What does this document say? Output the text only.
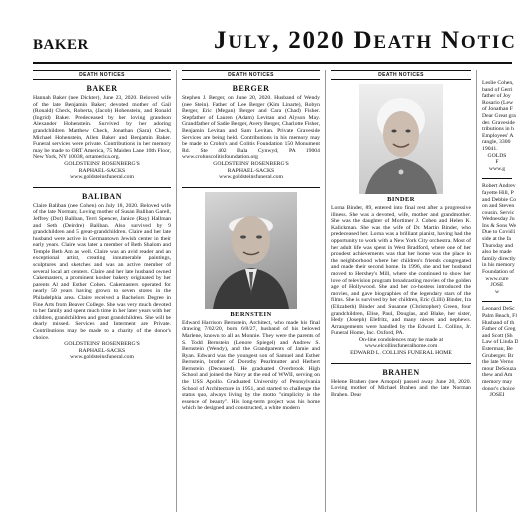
BAKER	JULY, 2020 DEATH NOTIC
DEATH NOTICES
BAKER

Hannah Baker (nee Dickter), June 23, 2020. Beloved wife of the late Benjamin Baker; devoted mother of Gail (Ronald) Check, Roberta, (Jacob) Hohenstein, and Ronald (Ingrid) Baker. Predeceased by her loving grandson Alexander Hohenstein. Survived by her adoring grandchildren Matthew Check, Jonathan (Sara) Check, Michael Hohenstein, Allen Baker and Benjamin Baker. Funeral services were private. Contributions in her memory may be made to ORT America, 75 Maiden Lane 10th Floor, New York, NY 10038, ortamerica.org.

GOLDSTEINS' ROSENBERG'S
RAPHAEL-SACKS
www.goldsteinsfuneral.com
BALIBAN

Claire Baliban (nee Cohen) on July 18, 2020. Beloved wife of the late Norman; Loving mother of Susan Baliban Garell, Jeffrey (Dot) Baliban, Terri Spencer, Janice (Ray) Hallman and Seth (Deirdre) Baliban. Also survived by 9 grandchildren and 5 great-grandchildren. Claire and her late husband were active in Germantown Jewish center in their early years. Claire was later a member of Beth Shalom and Temple Beth Am as well. Claire was an avid reader and an exceptional artist, creating innumerable paintings, sculptures and sketches and was an active member of several local art centers. Claire and her late husband owned Cakemasters, a prominent kosher bakery originated by her parents Al and Esther Cohen. Cakemasters operated for nearly 50 years having grown to seven stores in the Philadelphia area. Claire received a Bachelors Degree in Fine Arts from Beaver College. She was very much devoted to her family and spent much time in her later years with her children, grandchildren and great grandchildren. She will be dearly missed. Services and Interment are Private. Contributions may be made to a charity of the donor's choice.

GOLDSTEINS' ROSENBERG'S
RAPHAEL-SACKS
www.goldsteinsfuneral.com
DEATH NOTICES
BERGER

Stephen J. Berger, on June 20, 2020. Husband of Wendy (nee Stein). Father of Lee Berger (Kim Linarte), Robyn Berger, Eric (Megan) Berger and Cara (Chad) Fisher. Stepfather of Lauren (Adam) Levitan and Alyson May. Grandfather of Sadie Berger, Avery Berger, Charlotte Fisher, Benjamin Levitan and Sam Levitan. Private Graveside Services are being held. Contributions in his memory may be made to Crohn's and Colitis Foundation 150 Monument Rd. Ste 402 Bala Cynwyd, PA 19004 www.crohnscolitisfoundation.org

GOLDSTEINS' ROSENBERG'S
RAPHAEL-SACKS
www.goldsteinsfuneral.com
BERNSTEIN

Edward Harrison Bernstein, Architect, who made his final drawing 7/02/20, born 6/8/27, husband of his beloved Marlene, known to all as Monnie. They were the parents of S. Todd Bernstein (Lenore Spiegel) and Andrew S. Bernstein (Wendy), and the Grandparents of Jamie and Ryan. Edward was the youngest son of Samuel and Esther Bernstein, brother of Dorothy Pearlmutter and Herbert Bernstein (Deceased). He graduated Overbrook High School and joined the Navy at the end of WWII, serving on the USS Apollo. Graduated University of Pennsylvania School of Architecture in 1951, and started to challenge the status quo, always living by the motto "simplicity is the essence of beauty". His long-term project was his home which he designed and constructed, a white modern

DEATH NOTICES
BINDER

Lorna Binder, 89, entered into final rest after a progressive illness. She was a devoted, wife, mother and grandmother. She was the daughter of Mortimer J. Cohen and Helen K. Kalickman. She was the wife of Dr. Martin Binder, who predeceased her. Lorna was a brilliant pianist, having had the opportunity to work with a New York City orchestra. Most of her adult life was spent in West Bradford, where one of her proudest achievements was that her home was the place in the neighborhood where her children's friends congregated and made their second home. In 1996, she and her husband moved to Hershey's Mill, where she continued to show her love of television program broadcasting movies of the golden age of Hollywood. She and her co-hostess introduced the movies, and gave biographies of the legendary stars of the films. She is survived by her children, Eric (Lilli) Binder, Ira (Elizabeth) Binder and Susanne (Christopher) Green, four grandchildren, Elise, Paul, Douglas, and Blake, her sister, Hedy (Joseph) Elefritz, and many nieces and nephews. Arrangements were handled by the Edward L. Collins, Jr. Funeral Home, Inc. Oxford, PA.

On-line condolences may be made at
www.elcollinsfuneralhome.com
EDWARD L. COLLINS FUNERAL HOME
BRAHEN

Helene Brahen (nee Arnopol) passed away June 20, 2020. Loving mother of Michael Brahen and the late Norman Brahen. Dear

Leslie Cohen,
band of Gerri
father of Joy
Rosario (Lew
of Jonathan F
Dear Great gra
der. Graveside
tributions in h
Employees' A
rangle, 3300
19041.
GOLDS
F
www.g
Robert Andrev
fayette Hill, P
and Debbie Co
on and Steven
cousin. Servic
Wednesday Ju
Ins & Sons We
Due to Covid1
side at the fa
Thursday and
also be made
family directly
in his memory
Foundation of
www.cure
JOSE
w
Leonard DeSc
Palm Beach, Fl
Husband of th
Father of Greg
and Scott (Sh
Law of Linda D
Esterman, Be
Gruberger. Br
the late Verno
mour DeSouza
thew and Am
memory may
donor's choice
JOSEI
